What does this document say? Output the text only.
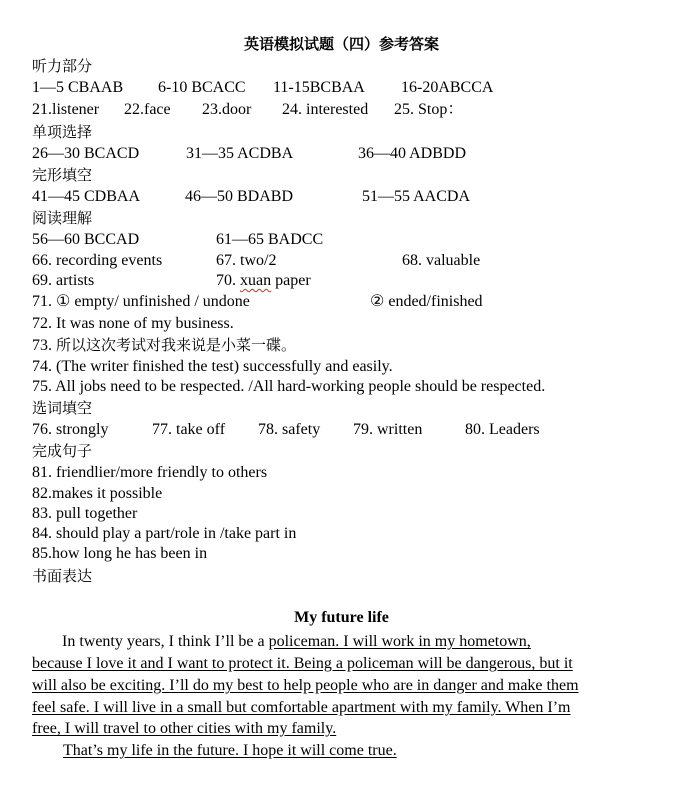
英语模拟试题（四）参考答案
听力部分
1—5 CBAAB 6-10 BCACC 11-15BCBAA 16-20ABCCA
21.listener 22.face 23.door 24. interested 25. Stop：
单项选择
26—30 BCACD	31—35 ACDBA	36—40 ADBDD
完形填空
41—45 CDBAA	46—50 BDABD	51—55 AACDA
阅读理解
56—60 BCCAD	61—65 BADCC
66. recording events	67. two/2	68. valuable
69. artists	70. xuan paper
71. ① empty/ unfinished / undone	② ended/finished
72. It was none of my business.
73. 所以这次考试对我来说是小菜一碟。
74. (The writer finished the test) successfully and easily.
75. All jobs need to be respected. /All hard-working people should be respected.
选词填空
76. strongly	77. take off 78. safety 79. written	80. Leaders
完成句子
81. friendlier/more friendly to others
82.makes it possible
83. pull together
84. should play a part/role in /take part in
85.how long he has been in
书面表达
My future life
In twenty years, I think I’ll be a policeman. I will work in my hometown,
because I love it and I want to protect it. Being a policeman will be dangerous, but it
will also be exciting. I’ll do my best to help people who are in danger and make them
feel safe. I will live in a small but comfortable apartment with my family. When I’m
free, I will travel to other cities with my family.
That’s my life in the future. I hope it will come true.
